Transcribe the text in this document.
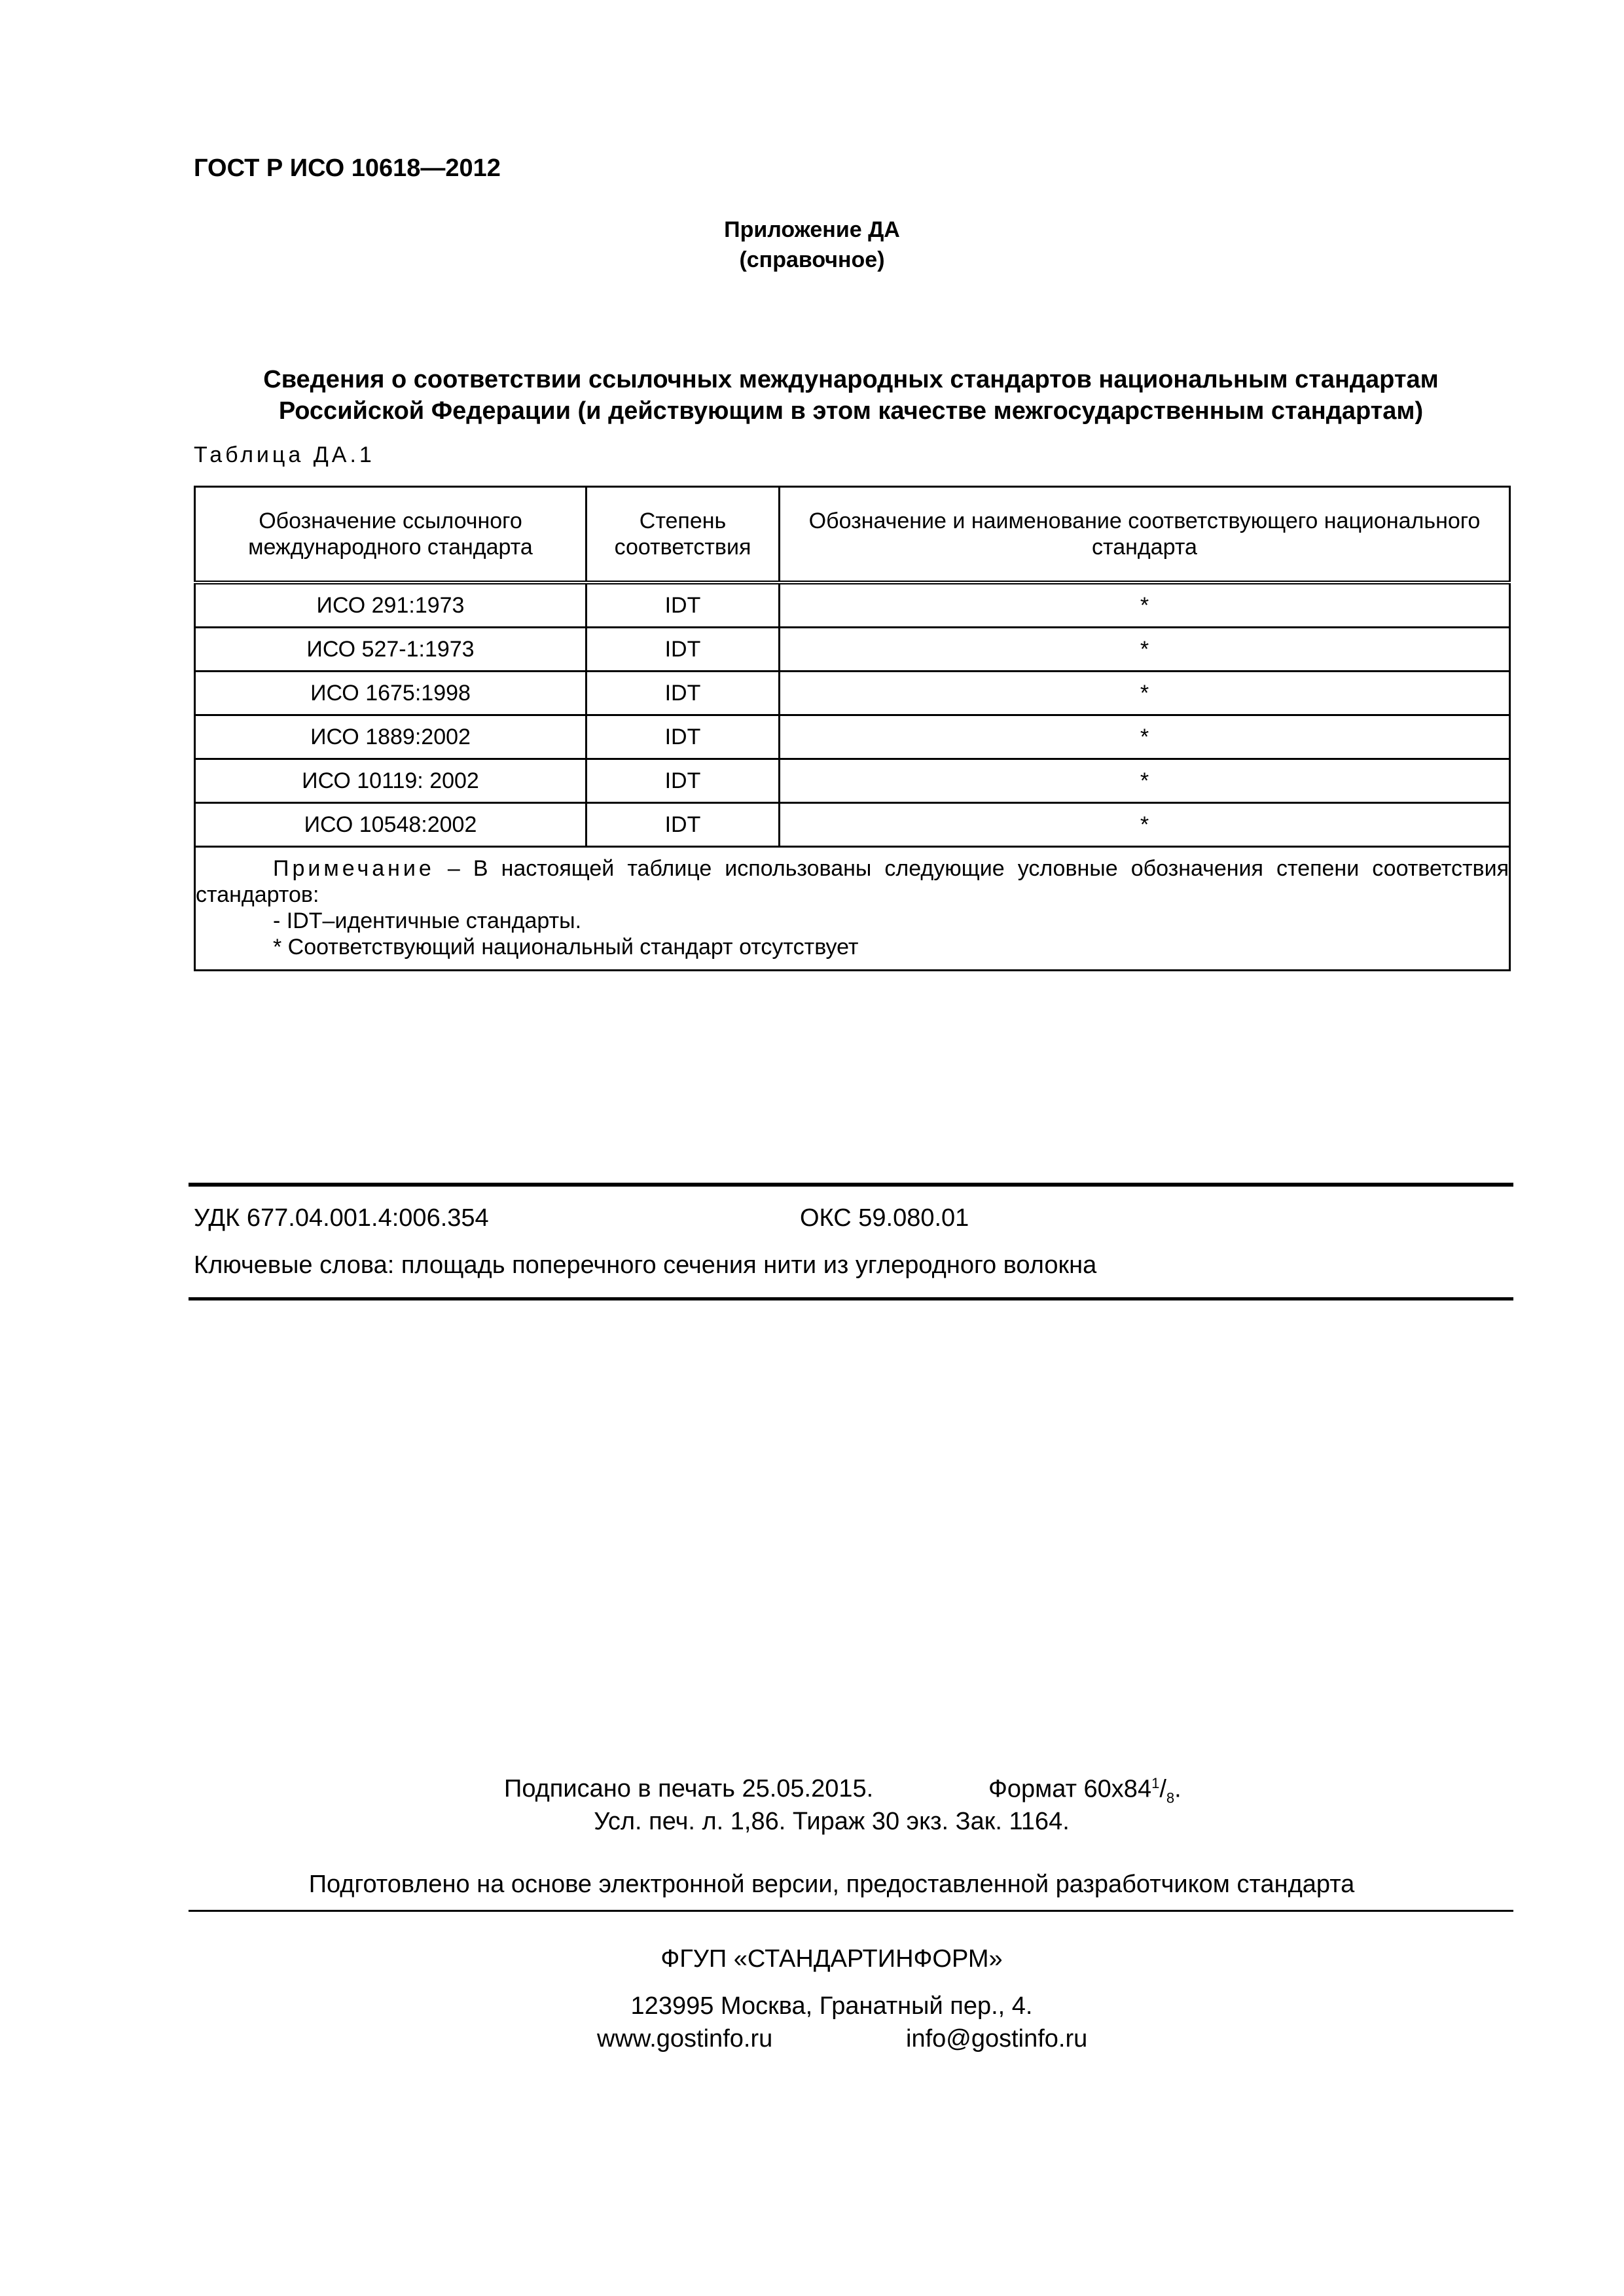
ГОСТ Р ИСО 10618—2012
Приложение ДА
(справочное)
Сведения о соответствии ссылочных международных стандартов национальным стандартам
Российской Федерации (и действующим в этом качестве межгосударственным стандартам)
Таблица ДА.1
Обозначение ссылочного международного стандарта	Степень соответствия	Обозначение и наименование соответствующего национального стандарта
ИСО 291:1973	IDT	*
ИСО 527-1:1973	IDT	*
ИСО 1675:1998	IDT	*
ИСО 1889:2002	IDT	*
ИСО 10119: 2002	IDT	*
ИСО 10548:2002	IDT	*

Примечание – В настоящей таблице использованы следующие условные обозначения степени соответствия стандартов:
- IDT–идентичные стандарты.
* Соответствующий национальный стандарт отсутствует		
УДК 677.04.001.4:006.354	ОКС 59.080.01
Ключевые слова: площадь поперечного сечения нити из углеродного волокна
Подписано в печать 25.05.2015.	Формат $60x84^1/_8$.
Усл. печ. л. 1,86. Тираж 30 экз. Зак. 1164.
Подготовлено на основе электронной версии, предоставленной разработчиком стандарта
ФГУП «СТАНДАРТИНФОРМ»
123995 Москва, Гранатный пер., 4.
www.gostinfo.ru	info@gostinfo.ru
